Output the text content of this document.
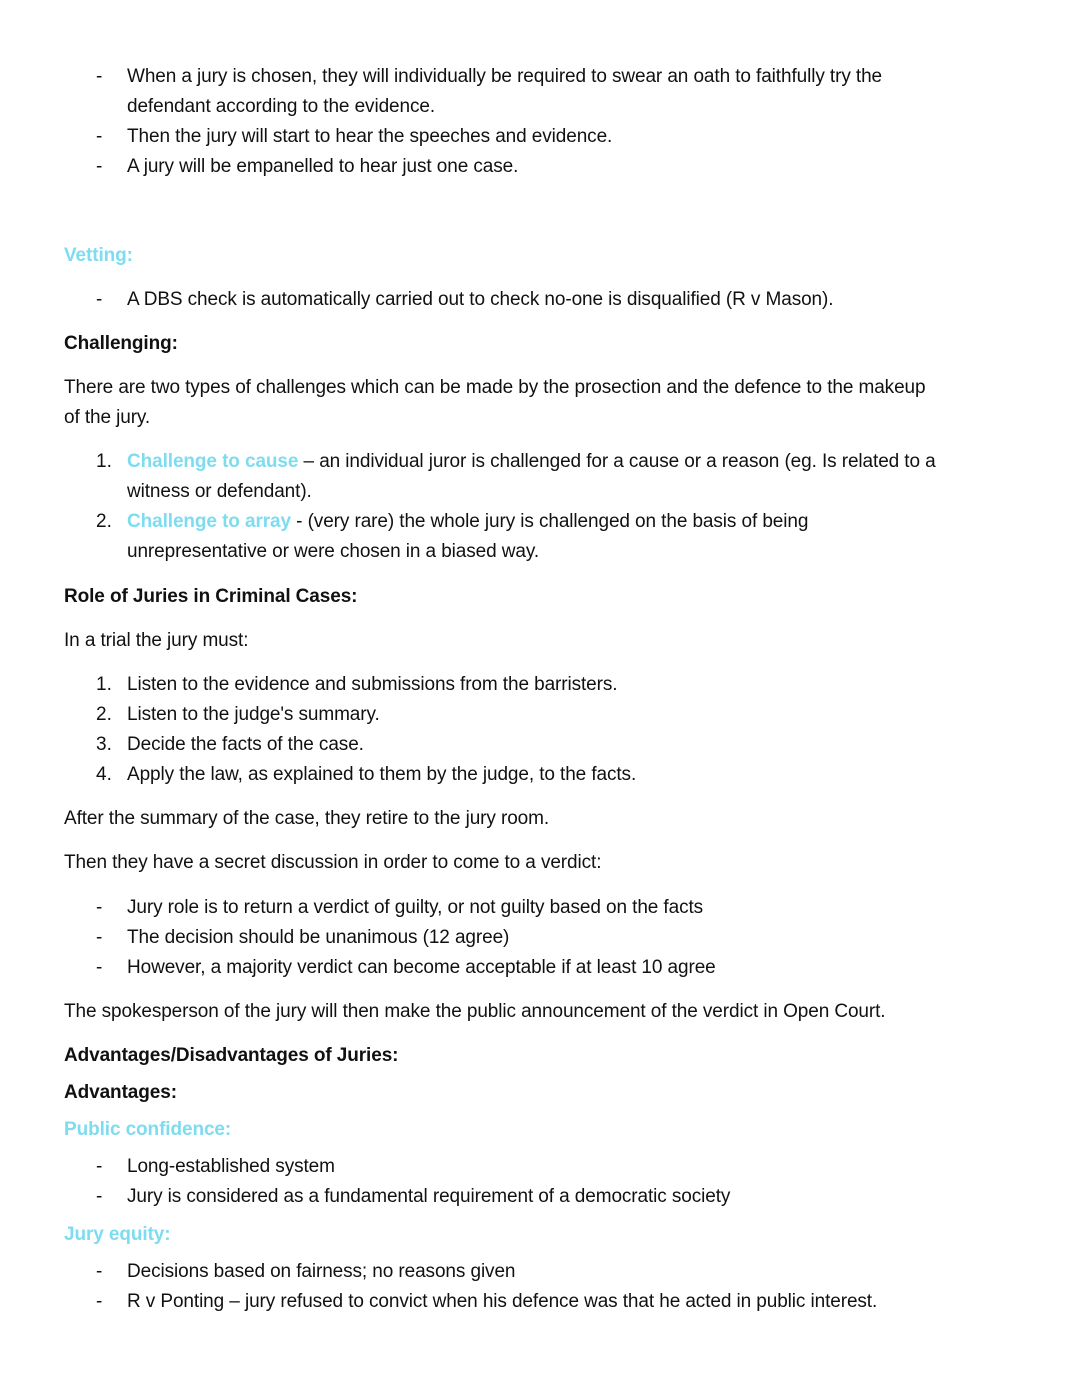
- When a jury is chosen, they will individually be required to swear an oath to faithfully try the
defendant according to the evidence.
- Then the jury will start to hear the speeches and evidence.
- A jury will be empanelled to hear just one case.
Vetting:
- A DBS check is automatically carried out to check no-one is disqualified (R v Mason).
Challenging:
There are two types of challenges which can be made by the prosection and the defence to the makeup
of the jury.
1. Challenge to cause – an individual juror is challenged for a cause or a reason (eg. Is related to a
witness or defendant).
2. Challenge to array - (very rare) the whole jury is challenged on the basis of being
unrepresentative or were chosen in a biased way.
Role of Juries in Criminal Cases:
In a trial the jury must:
1. Listen to the evidence and submissions from the barristers.
2. Listen to the judge's summary.
3. Decide the facts of the case.
4. Apply the law, as explained to them by the judge, to the facts.
After the summary of the case, they retire to the jury room.
Then they have a secret discussion in order to come to a verdict:
- Jury role is to return a verdict of guilty, or not guilty based on the facts
- The decision should be unanimous (12 agree)
- However, a majority verdict can become acceptable if at least 10 agree
The spokesperson of the jury will then make the public announcement of the verdict in Open Court.
Advantages/Disadvantages of Juries:
Advantages:
Public confidence:
- Long-established system
- Jury is considered as a fundamental requirement of a democratic society
Jury equity:
- Decisions based on fairness; no reasons given
- R v Ponting – jury refused to convict when his defence was that he acted in public interest.
